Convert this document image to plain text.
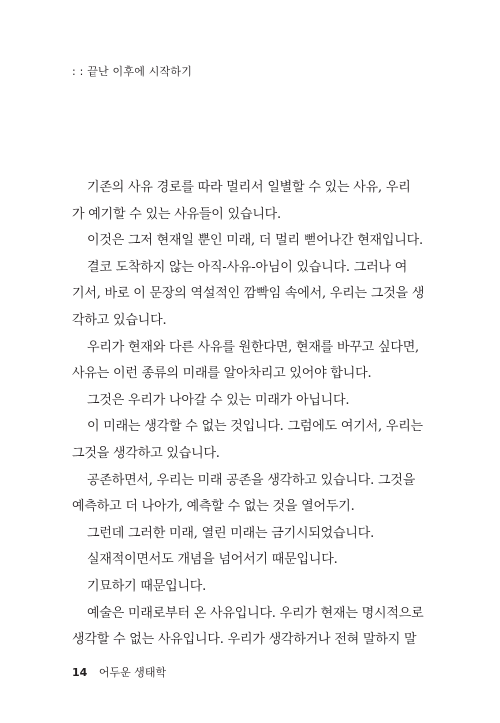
: : 끝난 이후에 시작하기
기존의 사유 경로를 따라 멀리서 일별할 수 있는 사유, 우리
가 예기할 수 있는 사유들이 있습니다.
이것은 그저 현재일 뿐인 미래, 더 멀리 뻗어나간 현재입니다.
결코 도착하지 않는 아직-사유-아님이 있습니다. 그러나 여
기서, 바로 이 문장의 역설적인 깜빡임 속에서, 우리는 그것을 생
각하고 있습니다.
우리가 현재와 다른 사유를 원한다면, 현재를 바꾸고 싶다면,
사유는 이런 종류의 미래를 알아차리고 있어야 합니다.
그것은 우리가 나아갈 수 있는 미래가 아닙니다.
이 미래는 생각할 수 없는 것입니다. 그럼에도 여기서, 우리는
그것을 생각하고 있습니다.
공존하면서, 우리는 미래 공존을 생각하고 있습니다. 그것을
예측하고 더 나아가, 예측할 수 없는 것을 열어두기.
그런데 그러한 미래, 열린 미래는 금기시되었습니다.
실재적이면서도 개념을 넘어서기 때문입니다.
기묘하기 때문입니다.
예술은 미래로부터 온 사유입니다. 우리가 현재는 명시적으로
생각할 수 없는 사유입니다. 우리가 생각하거나 전혀 말하지 말
14 어두운 생태학
